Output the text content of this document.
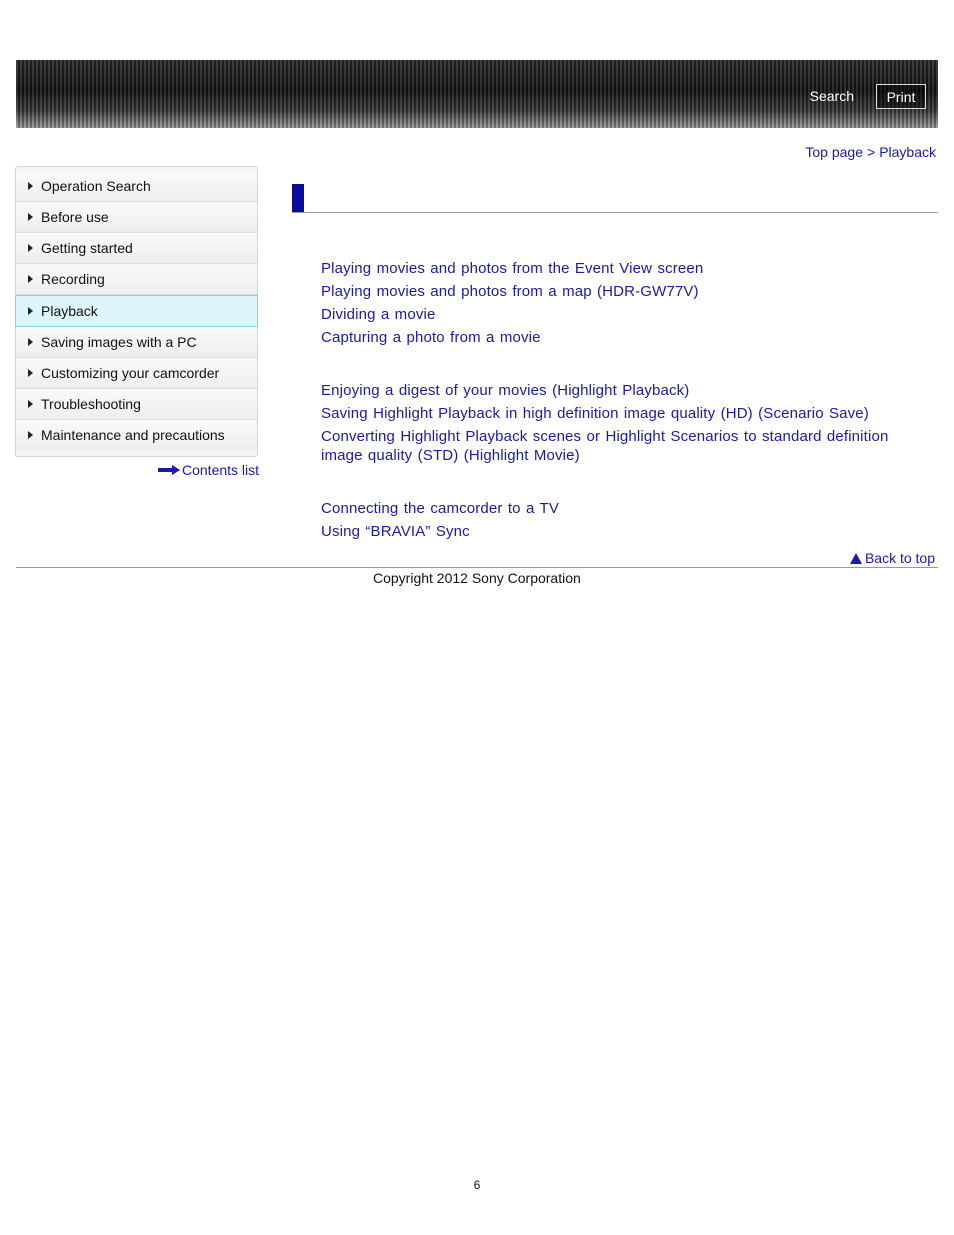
Search	Print
Top page > Playback
Operation Search
Before use
Getting started
Recording
Playback
Saving images with a PC
Customizing your camcorder
Troubleshooting
Maintenance and precautions
Contents list
Playing movies and photos from the Event View screen
Playing movies and photos from a map (HDR-GW77V)
Dividing a movie
Capturing a photo from a movie
Enjoying a digest of your movies (Highlight Playback)
Saving Highlight Playback in high definition image quality (HD) (Scenario Save)
Converting Highlight Playback scenes or Highlight Scenarios to standard definition image quality (STD) (Highlight Movie)
Connecting the camcorder to a TV
Using “BRAVIA” Sync
Back to top
Copyright 2012 Sony Corporation
6
